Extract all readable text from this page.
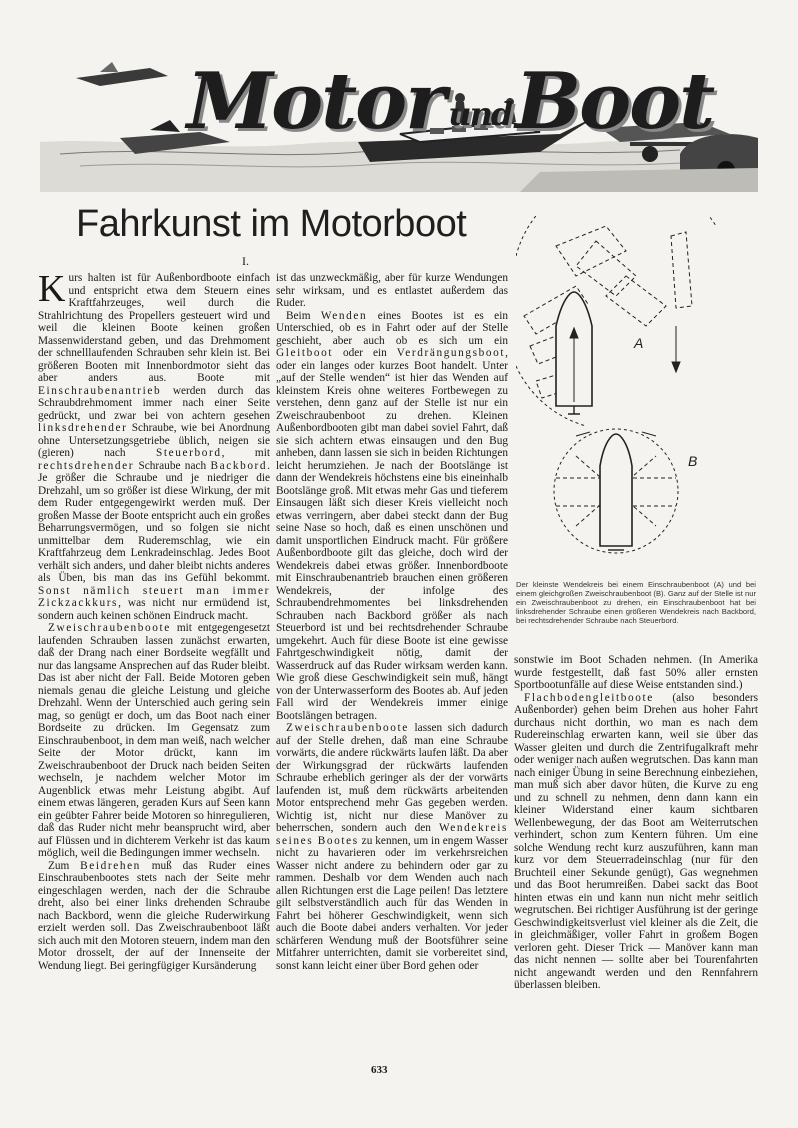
Motor und Boot
Fahrkunst im Motorboot
I.

Kurs halten ist für Außenbordboote einfach und entspricht etwa dem Steuern eines Kraftfahrzeuges, weil durch die Strahlrichtung des Propellers gesteuert wird und weil die kleinen Boote keinen großen Massenwiderstand geben, und das Drehmoment der schnelllaufenden Schrauben sehr klein ist. Bei größeren Booten mit Innenbordmotor sieht das aber anders aus. Boote mit Einschraubenantrieb werden durch das Schraubdrehmoment immer nach einer Seite gedrückt, und zwar bei von achtern gesehen linksdrehender Schraube, wie bei Anordnung ohne Untersetzungsgetriebe üblich, neigen sie (gieren) nach Steuerbord, mit rechtsdrehender Schraube nach Backbord. Je größer die Schraube und je niedriger die Drehzahl, um so größer ist diese Wirkung, der mit dem Ruder entgegengewirkt werden muß. Der großen Masse der Boote entspricht auch ein großes Beharrungsvermögen, und so folgen sie nicht unmittelbar dem Ruderemschlag, wie ein Kraftfahrzeug dem Lenkradeinschlag. Jedes Boot verhält sich anders, und daher bleibt nichts anderes als Üben, bis man das ins Gefühl bekommt. Sonst nämlich steuert man immer Zickzackkurs, was nicht nur ermüdend ist, sondern auch keinen schönen Eindruck macht.

Zweischraubenboote mit entgegengesetzt laufenden Schrauben lassen zunächst erwarten, daß der Drang nach einer Bordseite wegfällt und nur das langsame Ansprechen auf das Ruder bleibt. Das ist aber nicht der Fall. Beide Motoren geben niemals genau die gleiche Leistung und gleiche Drehzahl. Wenn der Unterschied auch gering sein mag, so genügt er doch, um das Boot nach einer Bordseite zu drücken. Im Gegensatz zum Einschraubenboot, in dem man weiß, nach welcher Seite der Motor drückt, kann im Zweischraubenboot der Druck nach beiden Seiten wechseln, je nachdem welcher Motor im Augenblick etwas mehr Leistung abgibt. Auf einem etwas längeren, geraden Kurs auf Seen kann ein geübter Fahrer beide Motoren so hinregulieren, daß das Ruder nicht mehr beansprucht wird, aber auf Flüssen und in dichterem Verkehr ist das kaum möglich, weil die Bedingungen immer wechseln.

Zum Beidrehen muß das Ruder eines Einschraubenbootes stets nach der Seite mehr eingeschlagen werden, nach der die Schraube dreht, also bei einer links drehenden Schraube nach Backbord, wenn die gleiche Ruderwirkung erzielt werden soll. Das Zweischraubenboot läßt sich auch mit den Motoren steuern, indem man den Motor drosselt, der auf der Innenseite der Wendung liegt. Bei geringfügiger Kursänderung

ist das unzweckmäßig, aber für kurze Wendungen sehr wirksam, und es entlastet außerdem das Ruder.

Beim Wenden eines Bootes ist es ein Unterschied, ob es in Fahrt oder auf der Stelle geschieht, aber auch ob es sich um ein Gleitboot oder ein Verdrängungsboot, oder ein langes oder kurzes Boot handelt. Unter „auf der Stelle wenden“ ist hier das Wenden auf kleinstem Kreis ohne weiteres Fortbewegen zu verstehen, denn ganz auf der Stelle ist nur ein Zweischraubenboot zu drehen. Kleinen Außenbordbooten gibt man dabei soviel Fahrt, daß sie sich achtern etwas einsaugen und den Bug anheben, dann lassen sie sich in beiden Richtungen leicht herumziehen. Je nach der Bootslänge ist dann der Wendekreis höchstens eine bis eineinhalb Bootslänge groß. Mit etwas mehr Gas und tieferem Einsaugen läßt sich dieser Kreis vielleicht noch etwas verringern, aber dabei steckt dann der Bug seine Nase so hoch, daß es einen unschönen und damit unsportlichen Eindruck macht. Für größere Außenbordboote gilt das gleiche, doch wird der Wendekreis dabei etwas größer. Innenbordboote mit Einschraubenantrieb brauchen einen größeren Wendekreis, der infolge des Schraubendrehmomentes bei linksdrehenden Schrauben nach Backbord größer als nach Steuerbord ist und bei rechtsdrehender Schraube umgekehrt. Auch für diese Boote ist eine gewisse Fahrtgeschwindigkeit nötig, damit der Wasserdruck auf das Ruder wirksam werden kann. Wie groß diese Geschwindigkeit sein muß, hängt von der Unterwasserform des Bootes ab. Auf jeden Fall wird der Wendekreis immer einige Bootslängen betragen.

Zweischraubenboote lassen sich dadurch auf der Stelle drehen, daß man eine Schraube vorwärts, die andere rückwärts laufen läßt. Da aber der Wirkungsgrad der rückwärts laufenden Schraube erheblich geringer als der der vorwärts laufenden ist, muß dem rückwärts arbeitenden Motor entsprechend mehr Gas gegeben werden. Wichtig ist, nicht nur diese Manöver zu beherrschen, sondern auch den Wendekreis seines Bootes zu kennen, um in engem Wasser nicht zu havarieren oder im verkehrsreichen Wasser nicht andere zu behindern oder gar zu rammen. Deshalb vor dem Wenden auch nach allen Richtungen erst die Lage peilen! Das letztere gilt selbstverständlich auch für das Wenden in Fahrt bei höherer Geschwindigkeit, wenn sich auch die Boote dabei anders verhalten. Vor jeder schärferen Wendung muß der Bootsführer seine Mitfahrer unterrichten, damit sie vorbereitet sind, sonst kann leicht einer über Bord gehen oder

A
B
Der kleinste Wendekreis bei einem Einschraubenboot (A) und bei einem gleichgroßen Zweischraubenboot (B). Ganz auf der Stelle ist nur ein Zweischraubenboot zu drehen, ein Einschraubenboot hat bei linksdrehender Schraube einen größeren Wendekreis nach Backbord, bei rechtsdrehender Schraube nach Steuerbord.

sonstwie im Boot Schaden nehmen. (In Amerika wurde festgestellt, daß fast 50% aller ernsten Sportbootunfälle auf diese Weise entstanden sind.)

Flachbodengleitboote (also besonders Außenborder) gehen beim Drehen aus hoher Fahrt durchaus nicht dorthin, wo man es nach dem Rudereinschlag erwarten kann, weil sie über das Wasser gleiten und durch die Zentrifugalkraft mehr oder weniger nach außen wegrutschen. Das kann man nach einiger Übung in seine Berechnung einbeziehen, man muß sich aber davor hüten, die Kurve zu eng und zu schnell zu nehmen, denn dann kann ein kleiner Widerstand einer kaum sichtbaren Wellenbewegung, der das Boot am Weiterrutschen verhindert, schon zum Kentern führen. Um eine solche Wendung recht kurz auszuführen, kann man kurz vor dem Steuerradeinschlag (nur für den Bruchteil einer Sekunde genügt), Gas wegnehmen und das Boot herumreißen. Dabei sackt das Boot hinten etwas ein und kann nun nicht mehr seitlich wegrutschen. Bei richtiger Ausführung ist der geringe Geschwindigkeitsverlust viel kleiner als die Zeit, die in gleichmäßiger, voller Fahrt in großem Bogen verloren geht. Dieser Trick — Manöver kann man das nicht nennen — sollte aber bei Tourenfahrten nicht angewandt werden und den Rennfahrern überlassen bleiben.

633
